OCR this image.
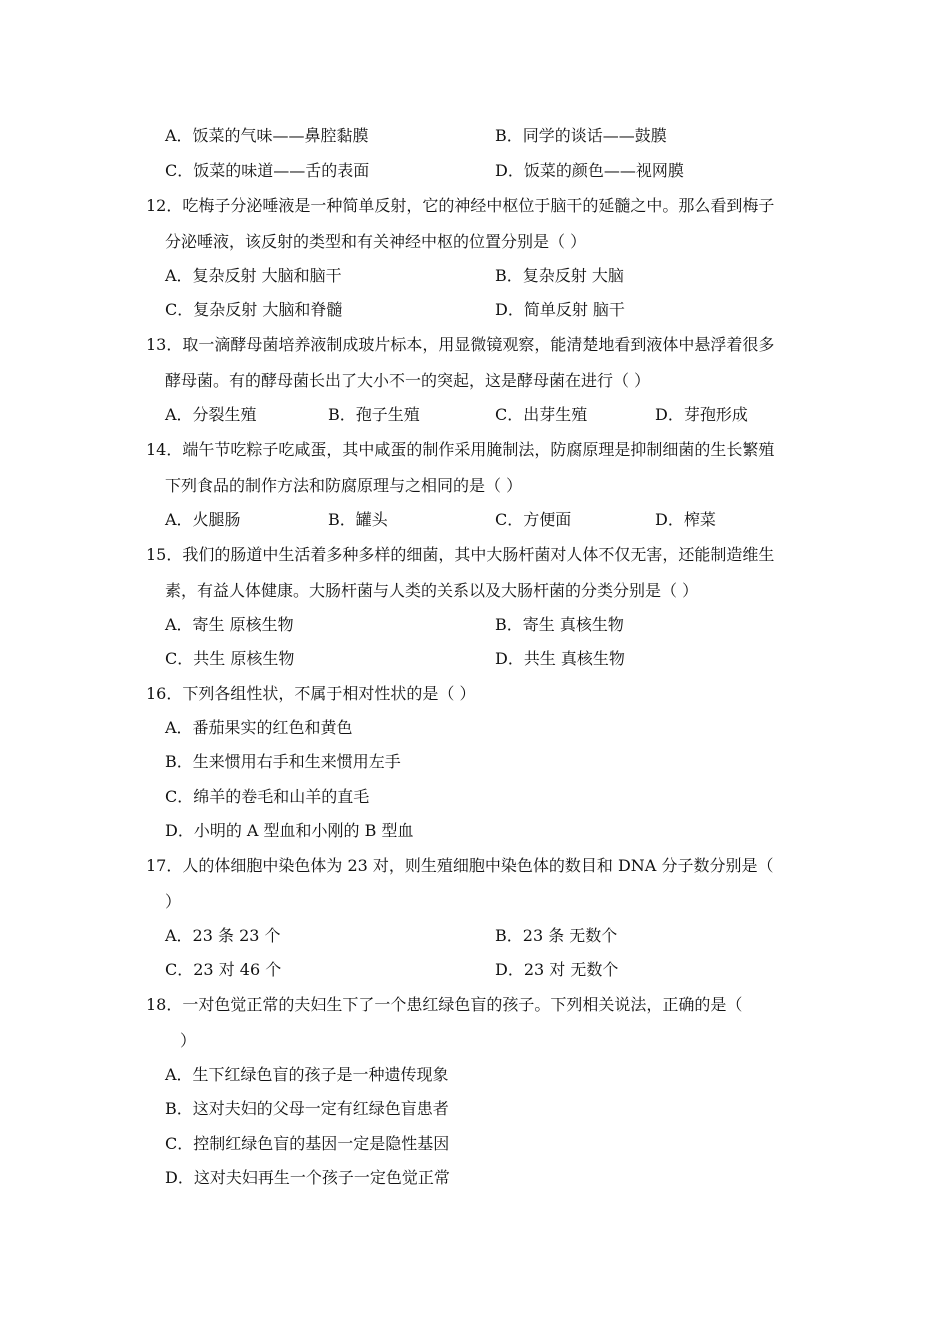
A．饭菜的气味——鼻腔黏膜	B．同学的谈话——鼓膜
C．饭菜的味道——舌的表面	D．饭菜的颜色——视网膜
12．吃梅子分泌唾液是一种简单反射，它的神经中枢位于脑干的延髓之中。那么看到梅子
分泌唾液，该反射的类型和有关神经中枢的位置分别是（ ）
A．复杂反射 大脑和脑干	B．复杂反射 大脑
C．复杂反射 大脑和脊髓	D．简单反射 脑干
13．取一滴酵母菌培养液制成玻片标本，用显微镜观察，能清楚地看到液体中悬浮着很多
酵母菌。有的酵母菌长出了大小不一的突起，这是酵母菌在进行（ ）
A．分裂生殖	B．孢子生殖	C．出芽生殖	D．芽孢形成
14．端午节吃粽子吃咸蛋，其中咸蛋的制作采用腌制法，防腐原理是抑制细菌的生长繁殖
下列食品的制作方法和防腐原理与之相同的是（ ）
A．火腿肠	B．罐头	C．方便面	D．榨菜
15．我们的肠道中生活着多种多样的细菌，其中大肠杆菌对人体不仅无害，还能制造维生
素，有益人体健康。大肠杆菌与人类的关系以及大肠杆菌的分类分别是（ ）
A．寄生 原核生物	B．寄生 真核生物
C．共生 原核生物	D．共生 真核生物
16．下列各组性状，不属于相对性状的是（ ）
A．番茄果实的红色和黄色
B．生来惯用右手和生来惯用左手
C．绵羊的卷毛和山羊的直毛
D．小明的 A 型血和小刚的 B 型血
17．人的体细胞中染色体为 23 对，则生殖细胞中染色体的数目和 DNA 分子数分别是（
）
A．23 条 23 个	B．23 条 无数个
C．23 对 46 个	D．23 对 无数个
18．一对色觉正常的夫妇生下了一个患红绿色盲的孩子。下列相关说法，正确的是（
）
A．生下红绿色盲的孩子是一种遗传现象
B．这对夫妇的父母一定有红绿色盲患者
C．控制红绿色盲的基因一定是隐性基因
D．这对夫妇再生一个孩子一定色觉正常
